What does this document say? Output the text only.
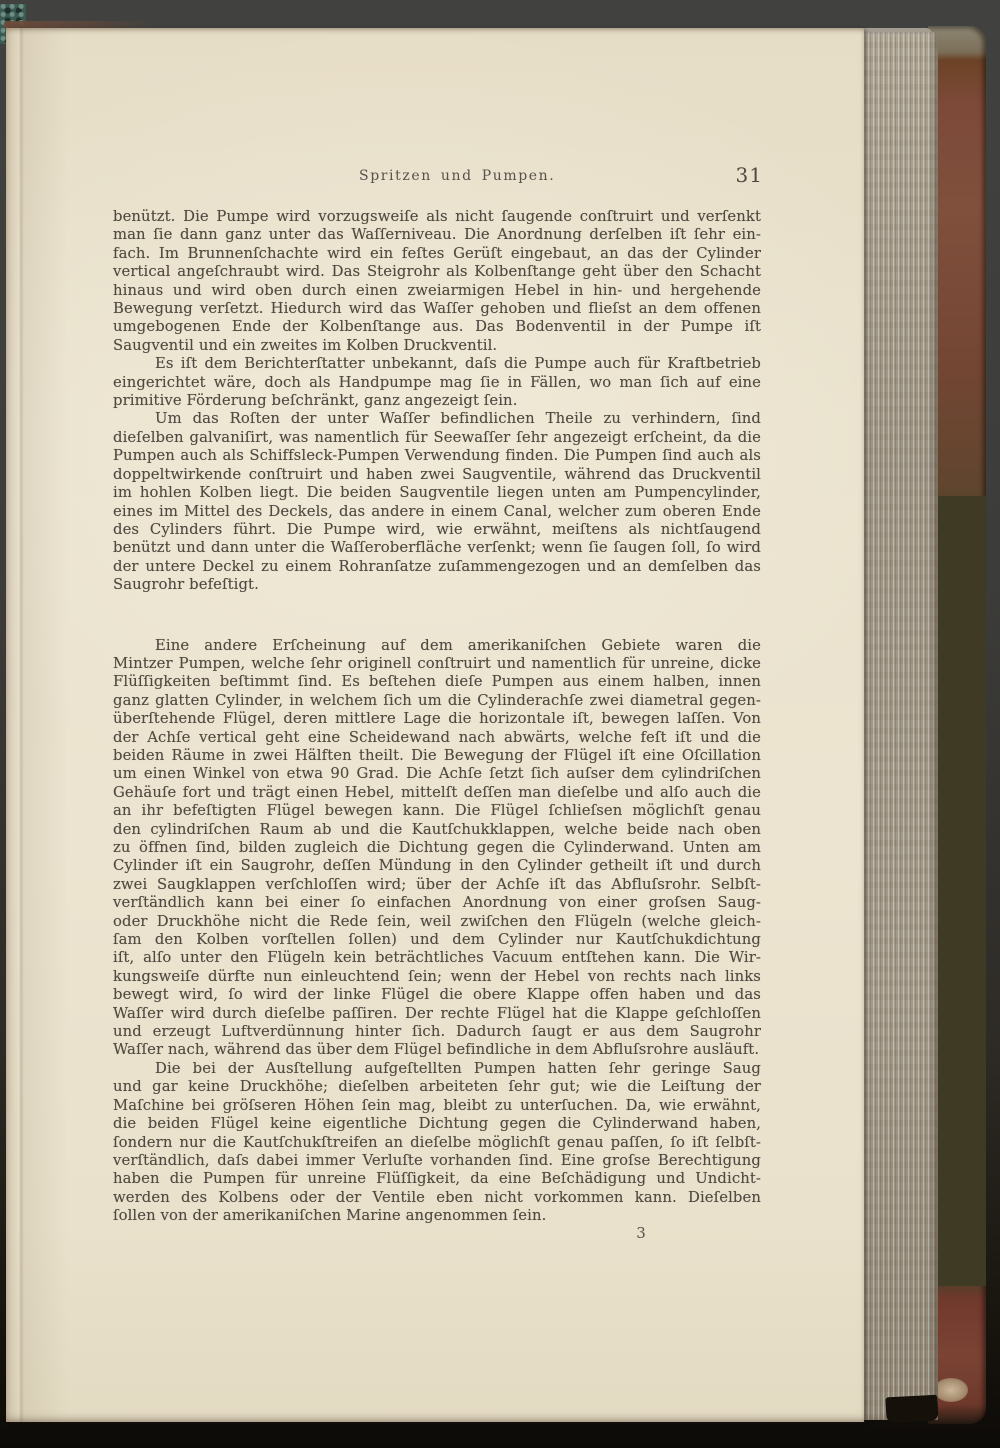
Spritzen und Pumpen.	31
benützt. Die Pumpe wird vorzugsweiſe als nicht ſaugende conſtruirt und verſenkt
man ſie dann ganz unter das Waſſerniveau. Die Anordnung derſelben iſt ſehr ein-
fach. Im Brunnenſchachte wird ein feſtes Gerüſt eingebaut, an das der Cylinder
vertical angeſchraubt wird. Das Steigrohr als Kolbenſtange geht über den Schacht
hinaus und wird oben durch einen zweiarmigen Hebel in hin- und hergehende
Bewegung verſetzt. Hiedurch wird das Waſſer gehoben und flieſst an dem offenen
umgebogenen Ende der Kolbenſtange aus. Das Bodenventil in der Pumpe iſt
Saugventil und ein zweites im Kolben Druckventil.
Es iſt dem Berichterſtatter unbekannt, daſs die Pumpe auch für Kraftbetrieb
eingerichtet wäre, doch als Handpumpe mag ſie in Fällen, wo man ſich auf eine
primitive Förderung beſchränkt, ganz angezeigt ſein.
Um das Roſten der unter Waſſer befindlichen Theile zu verhindern, ſind
dieſelben galvaniſirt, was namentlich für Seewaſſer ſehr angezeigt erſcheint, da die
Pumpen auch als Schiffsleck-Pumpen Verwendung finden. Die Pumpen ſind auch als
doppeltwirkende conſtruirt und haben zwei Saugventile, während das Druckventil
im hohlen Kolben liegt. Die beiden Saugventile liegen unten am Pumpencylinder,
eines im Mittel des Deckels, das andere in einem Canal, welcher zum oberen Ende
des Cylinders führt. Die Pumpe wird, wie erwähnt, meiſtens als nichtſaugend
benützt und dann unter die Waſſeroberfläche verſenkt; wenn ſie ſaugen ſoll, ſo wird
der untere Deckel zu einem Rohranſatze zuſammengezogen und an demſelben das
Saugrohr befeſtigt.
Eine andere Erſcheinung auf dem amerikaniſchen Gebiete waren die
Mintzer Pumpen, welche ſehr originell conſtruirt und namentlich für unreine, dicke
Flüſſigkeiten beſtimmt ſind. Es beſtehen dieſe Pumpen aus einem halben, innen
ganz glatten Cylinder, in welchem ſich um die Cylinderachſe zwei diametral gegen-
überſtehende Flügel, deren mittlere Lage die horizontale iſt, bewegen laſſen. Von
der Achſe vertical geht eine Scheidewand nach abwärts, welche feſt iſt und die
beiden Räume in zwei Hälften theilt. Die Bewegung der Flügel iſt eine Oſcillation
um einen Winkel von etwa 90 Grad. Die Achſe ſetzt ſich auſser dem cylindriſchen
Gehäuſe fort und trägt einen Hebel, mittelſt deſſen man dieſelbe und alſo auch die
an ihr befeſtigten Flügel bewegen kann. Die Flügel ſchlieſsen möglichſt genau
den cylindriſchen Raum ab und die Kautſchukklappen, welche beide nach oben
zu öffnen ſind, bilden zugleich die Dichtung gegen die Cylinderwand. Unten am
Cylinder iſt ein Saugrohr, deſſen Mündung in den Cylinder getheilt iſt und durch
zwei Saugklappen verſchloſſen wird; über der Achſe iſt das Abfluſsrohr. Selbſt-
verſtändlich kann bei einer ſo einfachen Anordnung von einer groſsen Saug-
oder Druckhöhe nicht die Rede ſein, weil zwiſchen den Flügeln (welche gleich-
ſam den Kolben vorſtellen ſollen) und dem Cylinder nur Kautſchukdichtung
iſt, alſo unter den Flügeln kein beträchtliches Vacuum entſtehen kann. Die Wir-
kungsweiſe dürfte nun einleuchtend ſein; wenn der Hebel von rechts nach links
bewegt wird, ſo wird der linke Flügel die obere Klappe offen haben und das
Waſſer wird durch dieſelbe paſſiren. Der rechte Flügel hat die Klappe geſchloſſen
und erzeugt Luftverdünnung hinter ſich. Dadurch ſaugt er aus dem Saugrohr
Waſſer nach, während das über dem Flügel befindliche in dem Abfluſsrohre ausläuft.
Die bei der Ausſtellung aufgeſtellten Pumpen hatten ſehr geringe Saug
und gar keine Druckhöhe; dieſelben arbeiteten ſehr gut; wie die Leiſtung der
Maſchine bei gröſseren Höhen ſein mag, bleibt zu unterſuchen. Da, wie erwähnt,
die beiden Flügel keine eigentliche Dichtung gegen die Cylinderwand haben,
ſondern nur die Kautſchukſtreifen an dieſelbe möglichſt genau paſſen, ſo iſt ſelbſt-
verſtändlich, daſs dabei immer Verluſte vorhanden ſind. Eine groſse Berechtigung
haben die Pumpen für unreine Flüſſigkeit, da eine Beſchädigung und Undicht-
werden des Kolbens oder der Ventile eben nicht vorkommen kann. Dieſelben
ſollen von der amerikaniſchen Marine angenommen ſein.
3
